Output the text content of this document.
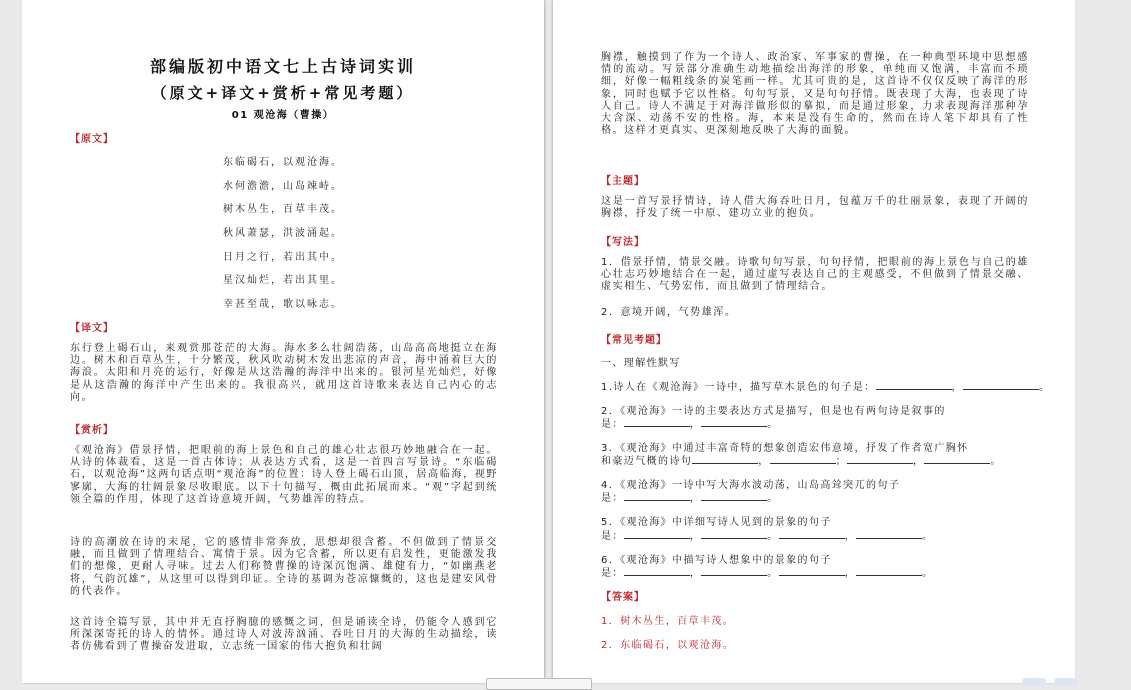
部编版初中语文七上古诗词实训
（原文+译文+赏析+常见考题）
01 观沧海（曹操）
【原文】
东临碣石，以观沧海。
水何澹澹，山岛竦峙。
树木丛生，百草丰茂。
秋风萧瑟，洪波涌起。
日月之行，若出其中。
星汉灿烂，若出其里。
幸甚至哉，歌以咏志。
【译文】
东行登上碣石山，来观赏那苍茫的大海。海水多么壮阔浩荡，山岛高高地挺立在海边。树木和百草丛生，十分繁茂，秋风吹动树木发出悲凉的声音，海中涌着巨大的海浪。太阳和月亮的运行，好像是从这浩瀚的海洋中出来的。银河星光灿烂，好像是从这浩瀚的海洋中产生出来的。我很高兴，就用这首诗歌来表达自己内心的志向。
【赏析】
《观沧海》借景抒情，把眼前的海上景色和自己的雄心壮志很巧妙地融合在一起。从诗的体裁看，这是一首古体诗；从表达方式看，这是一首四言写景诗。“东临碣石，以观沧海”这两句话点明“观沧海”的位置：诗人登上碣石山顶，居高临海，视野寥廓，大海的壮阔景象尽收眼底。以下十句描写，概由此拓展而来。“观”字起到统领全篇的作用，体现了这首诗意境开阔，气势雄浑的特点。
诗的高潮放在诗的末尾，它的感情非常奔放，思想却很含蓄。不但做到了情景交融，而且做到了情理结合、寓情于景。因为它含蓄，所以更有启发性，更能激发我们的想像，更耐人寻味。过去人们称赞曹操的诗深沉饱满、雄健有力，“如幽燕老将，气韵沉雄”，从这里可以得到印证。全诗的基调为苍凉慷慨的，这也是建安风骨的代表作。
这首诗全篇写景，其中并无直抒胸臆的感慨之词，但是诵读全诗，仍能令人感到它所深深寄托的诗人的情怀。通过诗人对波涛汹涌、吞吐日月的大海的生动描绘，读者仿佛看到了曹操奋发进取，立志统一国家的伟大抱负和壮阔
胸襟，触摸到了作为一个诗人、政治家、军事家的曹操，在一种典型环境中思想感情的流动。写景部分准确生动地描绘出海洋的形象，单纯而又饱满，丰富而不琐细，好像一幅粗线条的炭笔画一样。尤其可贵的是，这首诗不仅仅反映了海洋的形象，同时也赋予它以性格。句句写景，又是句句抒情。既表现了大海，也表现了诗人自己。诗人不满足于对海洋做形似的摹拟，而是通过形象，力求表现海洋那种孕大含深、动荡不安的性格。海，本来是没有生命的，然而在诗人笔下却具有了性格。这样才更真实、更深刻地反映了大海的面貌。
【主题】
这是一首写景抒情诗，诗人借大海吞吐日月，包蕴万千的壮丽景象，表现了开阔的胸襟，抒发了统一中原、建功立业的抱负。
【写法】
1．借景抒情，情景交融。诗歌句句写景，句句抒情，把眼前的海上景色与自己的雄心壮志巧妙地结合在一起，通过虚写表达自己的主观感受，不但做到了情景交融、虚实相生、气势宏伟，而且做到了情理结合。
2．意境开阔，气势雄浑。
【常见考题】
一、理解性默写
1.诗人在《观沧海》一诗中，描写草木景色的句子是：	，	。
2．《观沧海》一诗的主要表达方式是描写，但是也有两句诗是叙事的
是：	，	。
3．《观沧海》中通过丰富奇特的想象创造宏伟意境，抒发了作者宽广胸怀
和豪迈气概的诗句	，	；	，	。
4．《观沧海》一诗中写大海水波动荡，山岛高耸突兀的句子
是：	，	。
5．《观沧海》中详细写诗人见到的景象的句子
是：	，	。	，	。
6．《观沧海》中描写诗人想象中的景象的句子
是：	，	。	，	。
【答案】
1．树木丛生，百草丰茂。
2．东临碣石，以观沧海。
